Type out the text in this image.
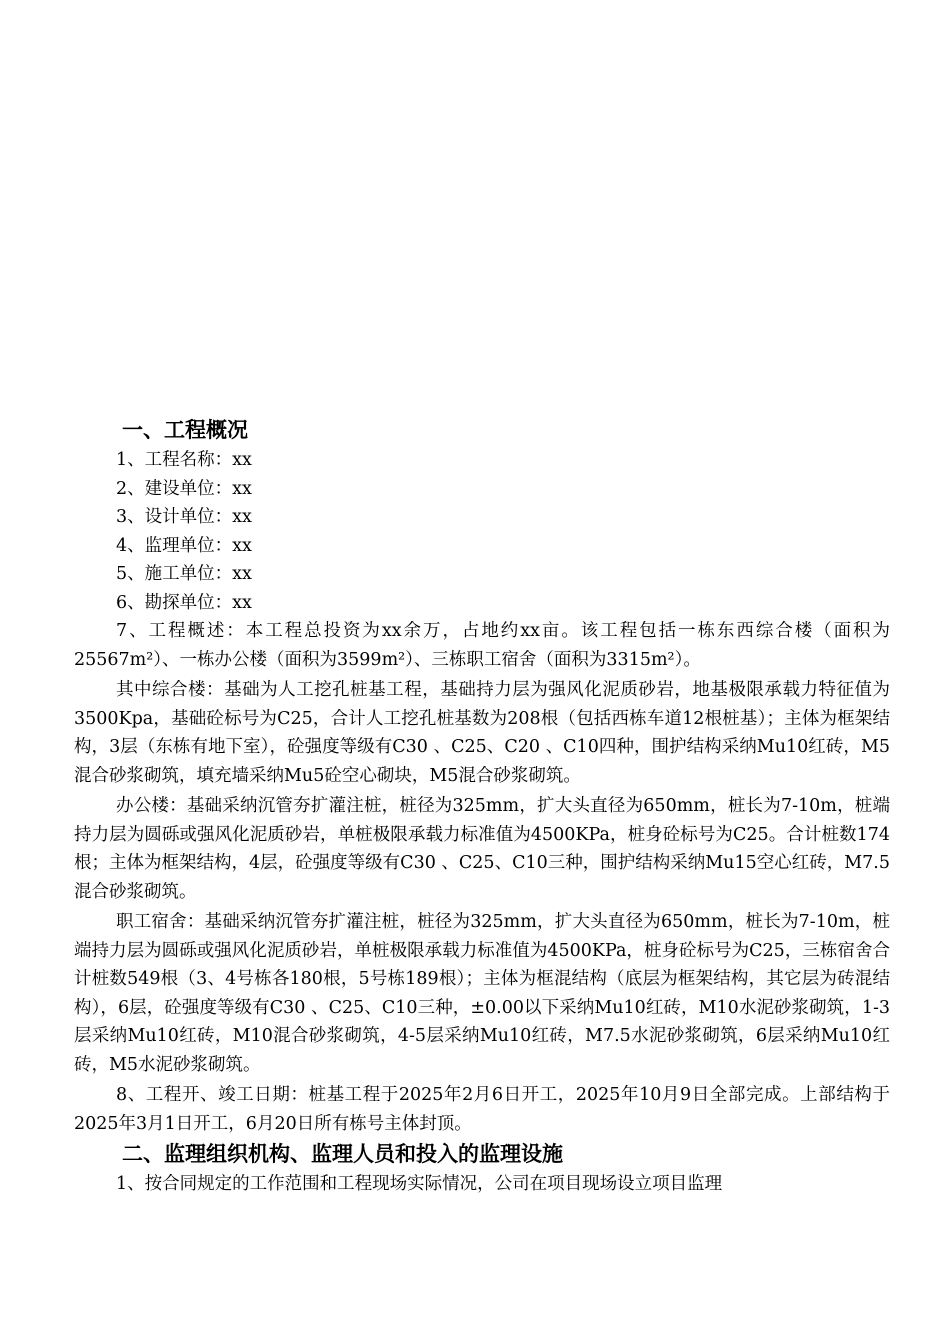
一、工程概况
1、工程名称：xx
2、建设单位：xx
3、设计单位：xx
4、监理单位：xx
5、施工单位：xx
6、勘探单位：xx

7、工程概述：本工程总投资为xx余万，占地约xx亩。该工程包括一栋东西综合楼（面积为25567m²）、一栋办公楼（面积为3599m²）、三栋职工宿舍（面积为3315m²）。

其中综合楼：基础为人工挖孔桩基工程，基础持力层为强风化泥质砂岩，地基极限承载力特征值为3500Kpa，基础砼标号为C25，合计人工挖孔桩基数为208根（包括西栋车道12根桩基）；主体为框架结构，3层（东栋有地下室），砼强度等级有C30 、C25、C20 、C10四种，围护结构采纳Mu10红砖，M5混合砂浆砌筑，填充墙采纳Mu5砼空心砌块，M5混合砂浆砌筑。

办公楼：基础采纳沉管夯扩灌注桩，桩径为325mm，扩大头直径为650mm，桩长为7-10m，桩端持力层为圆砾或强风化泥质砂岩，单桩极限承载力标准值为4500KPa，桩身砼标号为C25。合计桩数174根；主体为框架结构，4层，砼强度等级有C30 、C25、C10三种，围护结构采纳Mu15空心红砖，M7.5混合砂浆砌筑。

职工宿舍：基础采纳沉管夯扩灌注桩，桩径为325mm，扩大头直径为650mm，桩长为7-10m，桩端持力层为圆砾或强风化泥质砂岩，单桩极限承载力标准值为4500KPa，桩身砼标号为C25，三栋宿舍合计桩数549根（3、4号栋各180根，5号栋189根）；主体为框混结构（底层为框架结构，其它层为砖混结构），6层，砼强度等级有C30 、C25、C10三种，±0.00以下采纳Mu10红砖，M10水泥砂浆砌筑，1-3层采纳Mu10红砖，M10混合砂浆砌筑，4-5层采纳Mu10红砖，M7.5水泥砂浆砌筑，6层采纳Mu10红砖，M5水泥砂浆砌筑。

8、工程开、竣工日期：桩基工程于2025年2月6日开工，2025年10月9日全部完成。上部结构于2025年3月1日开工，6月20日所有栋号主体封顶。

二、监理组织机构、监理人员和投入的监理设施

1、按合同规定的工作范围和工程现场实际情况，公司在项目现场设立项目监理
